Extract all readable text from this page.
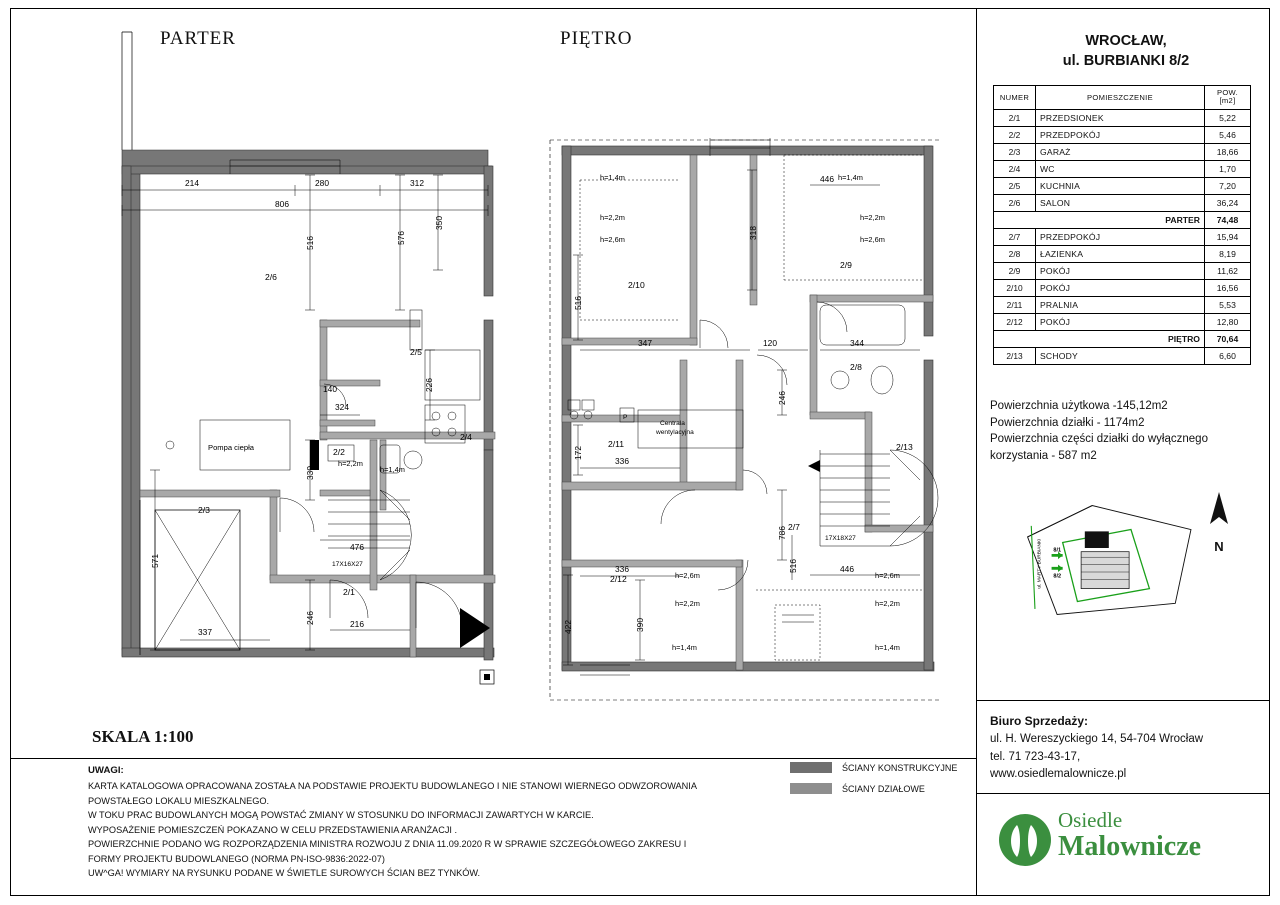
PARTER	PIĘTRO
SKALA 1:100
17X16X27
Pompa ciepła
2/6
2/5
2/4
2/3
2/2
2/1
214	280	312
806
350
576
226
516
571
330
246
140
324
476
337
216
h=1,4m
h=2,2m
17X18X27
Centrala
wentylacyjna
P
2/10
2/9
2/8
2/13
2/11
2/12
2/7
h=1,4m
h=2,2m
h=2,6m
h=1,4m
h=2,2m
h=2,6m
h=2,6m
h=2,2m
h=1,4m
h=2,6m
h=2,2m
h=1,4m
446
318
516
347	120	344
246
172
336
786
516
336
422	390
446
WROCŁAW,
ul. BURBIANKI 8/2
NUMER	POMIESZCZENIE	POW.
[m2]
2/1	PRZEDSIONEK	5,22
2/2	PRZEDPOKÓJ	5,46
2/3	GARAŻ	18,66
2/4	WC	1,70
2/5	KUCHNIA	7,20
2/6	SALON	36,24
PARTER		74,48
2/7	PRZEDPOKÓJ	15,94
2/8	ŁAZIENKA	8,19
2/9	POKÓJ	11,62
2/10	POKÓJ	16,56
2/11	PRALNIA	5,53
2/12	POKÓJ	12,80
PIĘTRO		70,64
2/13	SCHODY	6,60
Powierzchnia użytkowa -145,12m2
Powierzchnia działki - 1174m2
Powierzchnia części działki do wyłącznego
korzystania - 587 m2
N
8/1
8/2
ul. MARTY BURBIANKI
Biuro Sprzedaży:
ul. H. Wereszyckiego 14, 54-704 Wrocław
tel. 71 723-43-17,
www.osiedlemalownicze.pl
Osiedle
Malownicze
ŚCIANY KONSTRUKCYJNE
ŚCIANY DZIAŁOWE
UWAGI:
KARTA KATALOGOWA OPRACOWANA ZOSTAŁA NA PODSTAWIE PROJEKTU BUDOWLANEGO I NIE STANOWI WIERNEGO ODWZOROWANIA
POWSTAŁEGO LOKALU MIESZKALNEGO.
W TOKU PRAC BUDOWLANYCH MOGĄ POWSTAĆ ZMIANY W STOSUNKU DO INFORMACJI ZAWARTYCH W KARCIE.
WYPOSAŻENIE POMIESZCZEŃ POKAZANO W CELU PRZEDSTAWIENIA ARANŻACJI .
POWIERZCHNIE PODANO WG ROZPORZĄDZENIA MINISTRA ROZWOJU Z DNIA 11.09.2020 R W SPRAWIE SZCZEGÓŁOWEGO ZAKRESU I
FORMY PROJEKTU BUDOWLANEGO (NORMA PN-ISO-9836:2022-07)
UW^GA! WYMIARY NA RYSUNKU PODANE W ŚWIETLE SUROWYCH ŚCIAN BEZ TYNKÓW.
